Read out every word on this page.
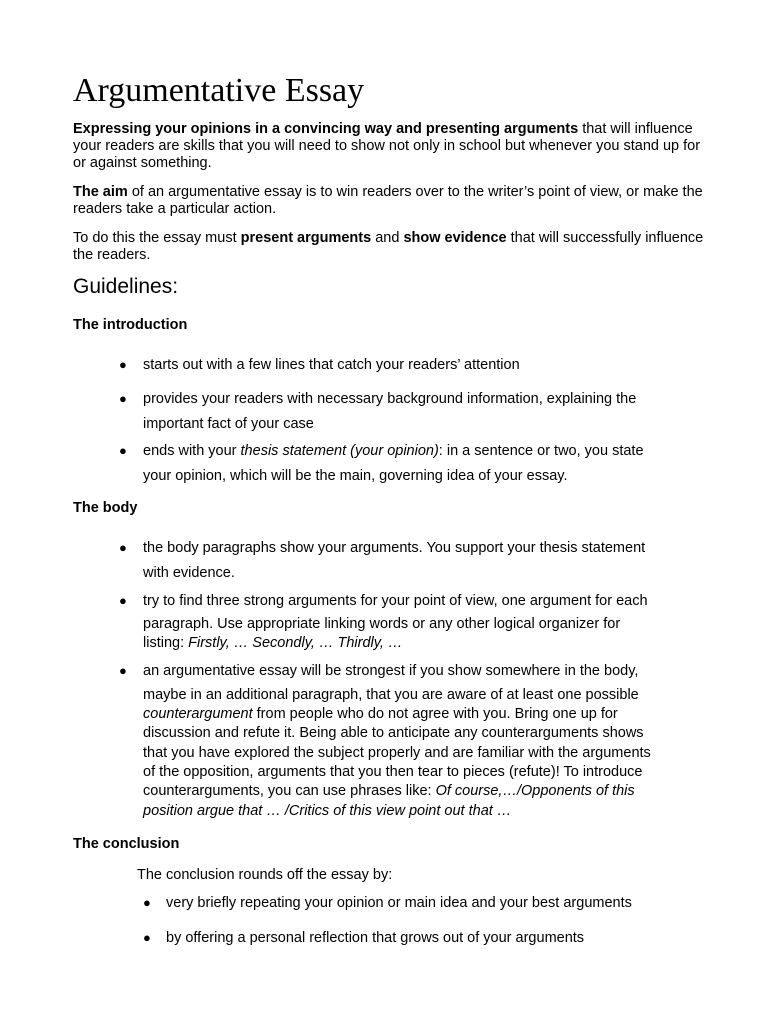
Argumentative Essay

Expressing your opinions in a convincing way and presenting arguments that will influence your readers are skills that you will need to show not only in school but whenever you stand up for or against something.

The aim of an argumentative essay is to win readers over to the writer’s point of view, or make the readers take a particular action.

To do this the essay must present arguments and show evidence that will successfully influence the readers.

Guidelines:
The introduction
● starts out with a few lines that catch your readers’ attention
● provides your readers with necessary background information, explaining the
important fact of your case
● ends with your thesis statement (your opinion): in a sentence or two, you state
your opinion, which will be the main, governing idea of your essay.
The body
● the body paragraphs show your arguments. You support your thesis statement
with evidence.
● try to find three strong arguments for your point of view, one argument for each
paragraph. Use appropriate linking words or any other logical organizer for
listing: Firstly, … Secondly, … Thirdly, …
● an argumentative essay will be strongest if you show somewhere in the body,
maybe in an additional paragraph, that you are aware of at least one possible
counterargument from people who do not agree with you. Bring one up for
discussion and refute it. Being able to anticipate any counterarguments shows
that you have explored the subject properly and are familiar with the arguments
of the opposition, arguments that you then tear to pieces (refute)! To introduce
counterarguments, you can use phrases like: Of course,…/Opponents of this
position argue that … /Critics of this view point out that …
The conclusion
The conclusion rounds off the essay by:
● very briefly repeating your opinion or main idea and your best arguments
● by offering a personal reflection that grows out of your arguments
